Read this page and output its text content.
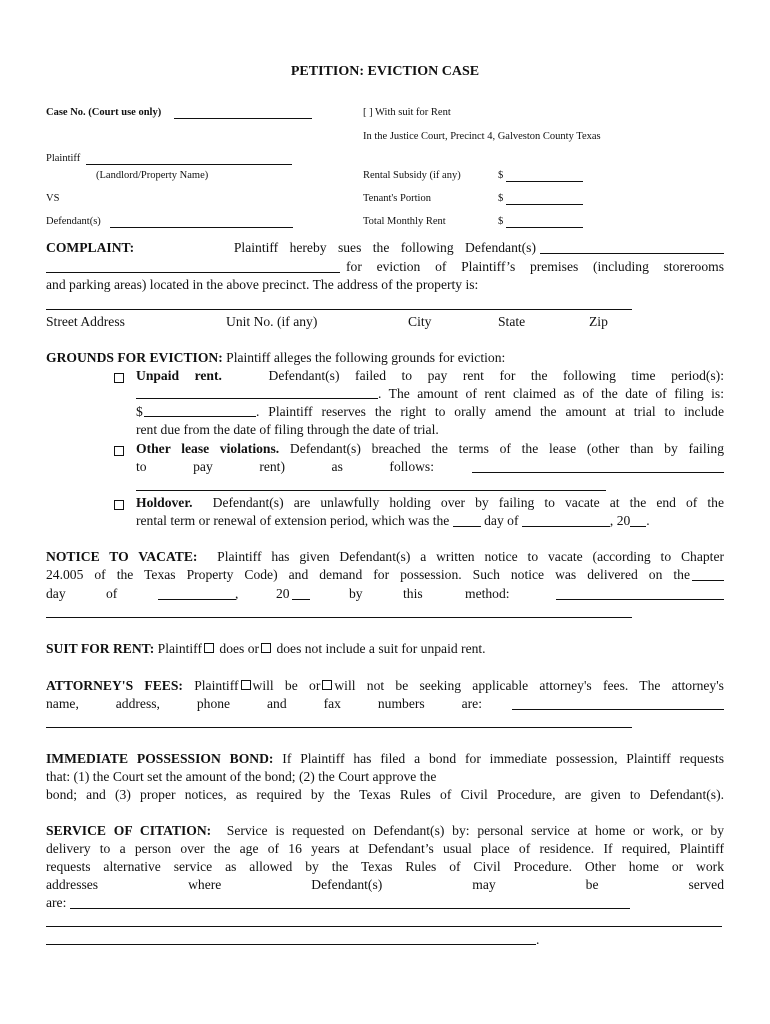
PETITION: EVICTION CASE
Case No. (Court use only)	[ ] With suit for Rent
In the Justice Court, Precinct 4, Galveston County Texas
Plaintiff
(Landlord/Property Name)	Rental Subsidy (if any)	$
VS	Tenant's Portion	$
Defendant(s)	Total Monthly Rent	$
COMPLAINT:	Plaintiff hereby sues the following Defendant(s)
for eviction of Plaintiff’s premises (including storerooms
and parking areas) located in the above precinct. The address of the property is:
Street Address	Unit No. (if any)	City	State	Zip
GROUNDS FOR EVICTION: Plaintiff alleges the following grounds for eviction:
Unpaid rent.	Defendant(s) failed to pay rent for the following time period(s):
. The amount of rent claimed as of the date of filing is:
$	. Plaintiff reserves the right to orally amend the amount at trial to include
rent due from the date of filing through the date of trial.
Other lease violations. Defendant(s) breached the terms of the lease (other than by failing
to pay rent) as follows:
Holdover. Defendant(s) are unlawfully holding over by failing to vacate at the end of the
rental term or renewal of extension period, which was the	day of	, 20 .
NOTICE TO VACATE: Plaintiff has given Defendant(s) a written notice to vacate (according to Chapter
24.005 of the Texas Property Code) and demand for possession. Such notice was delivered on the
day	of	,	20	by	this	method:
SUIT FOR RENT: Plaintiff does or does not include a suit for unpaid rent.
ATTORNEY'S FEES: Plaintiff will be or will not be seeking applicable attorney's fees. The attorney's
name, address, phone and fax numbers are:
IMMEDIATE POSSESSION BOND: If Plaintiff has filed a bond for immediate possession, Plaintiff requests
that: (1) the Court set the amount of the bond; (2) the Court approve the
bond; and (3) proper notices, as required by the Texas Rules of Civil Procedure, are given to Defendant(s).
SERVICE OF CITATION: Service is requested on Defendant(s) by: personal service at home or work, or by
delivery to a person over the age of 16 years at Defendant’s usual place of residence. If required, Plaintiff
requests alternative service as allowed by the Texas Rules of Civil Procedure. Other home or work
addresses where Defendant(s) may be served
are:
.
